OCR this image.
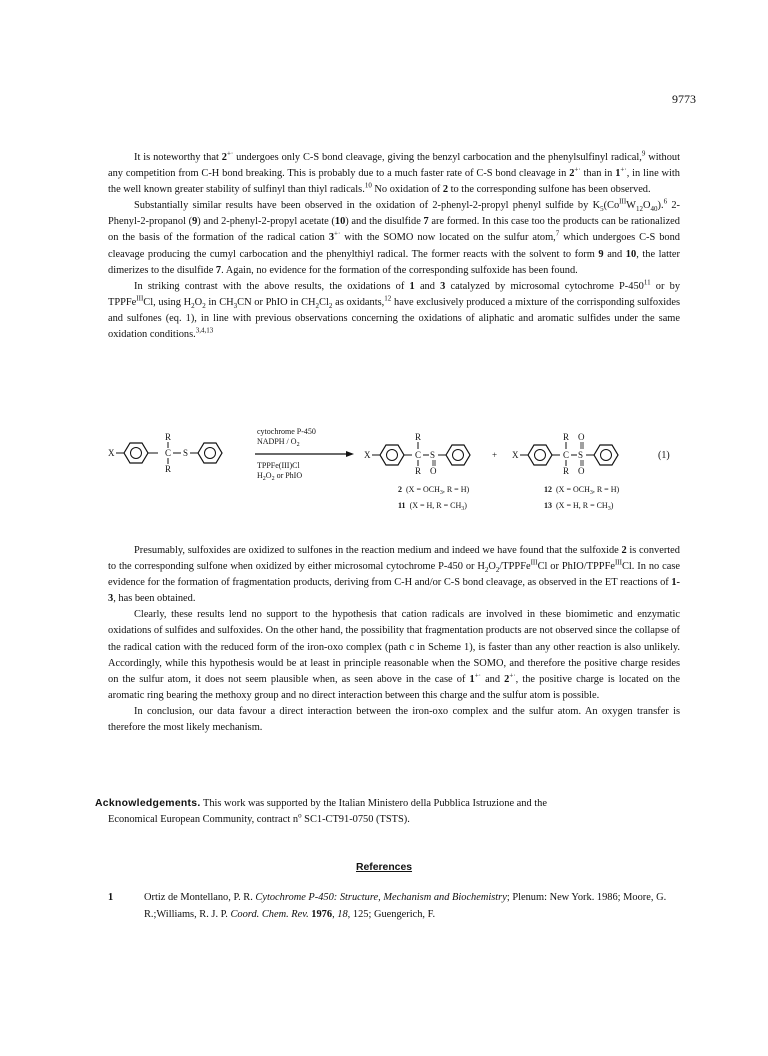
9773

It is noteworthy that 2+· undergoes only C-S bond cleavage, giving the benzyl carbocation and the phenylsulfinyl radical,$^9$ without any competition from C-H bond breaking. This is probably due to a much faster rate of C-S bond cleavage in 2+· than in 1+·, in line with the well known greater stability of sulfinyl than thiyl radicals.$^{10}$ No oxidation of 2 to the corresponding sulfone has been observed.

Substantially similar results have been observed in the oxidation of 2-phenyl-2-propyl phenyl sulfide by $K_5(Co^{III}W_{12}O_{40}).^6$ 2-Phenyl-2-propanol (9) and 2-phenyl-2-propyl acetate (10) and the disulfide 7 are formed. In this case too the products can be rationalized on the basis of the formation of the radical cation 3+· with the SOMO now located on the sulfur atom,$^7$ which undergoes C-S bond cleavage producing the cumyl carbocation and the phenylthiyl radical. The former reacts with the solvent to form 9 and 10, the latter dimerizes to the disulfide 7. Again, no evidence for the formation of the corresponding sulfoxide has been found.

In striking contrast with the above results, the oxidations of 1 and 3 catalyzed by microsomal cytochrome $P-450^{11}$ or by TPPFe$^{III}$Cl, using $H_2O_2$ in $CH_3CN$ or PhIO in $CH_2Cl_2$ as oxidants,$^{12}$ have exclusively produced a mixture of the corrisponding sulfoxides and sulfones (eq. 1), in line with previous observations concerning the oxidations of aliphatic and aromatic sulfides under the same oxidation conditions.$^{3,4,13}$

X
R
C
R
S
cytochrome P-450
NADPH / $O_2$
TPPFe(III)Cl
$H_2O_2$ or PhIO
X
R
C
R
S
O
+ X
R
C
R
O
S
O
(1)
2 ($X = OCH_3$, R = H)
11 (X = H, $R = CH_3$)
12 ($X = OCH_3$, R = H)
13 (X = H, $R = CH_3$)

Presumably, sulfoxides are oxidized to sulfones in the reaction medium and indeed we have found that the sulfoxide 2 is converted to the corresponding sulfone when oxidized by either microsomal cytochrome P-450 or $H_2O_2/TPPFe^{III}Cl$ or PhIO/TPPFe$^{III}$Cl. In no case evidence for the formation of fragmentation products, deriving from C-H and/or C-S bond cleavage, as observed in the ET reactions of 1-3, has been obtained.

Clearly, these results lend no support to the hypothesis that cation radicals are involved in these biomimetic and enzymatic oxidations of sulfides and sulfoxides. On the other hand, the possibility that fragmentation products are not observed since the collapse of the radical cation with the reduced form of the iron-oxo complex (path c in Scheme 1), is faster than any other reaction is also unlikely. Accordingly, while this hypothesis would be at least in principle reasonable when the SOMO, and therefore the positive charge resides on the sulfur atom, it does not seem plausible when, as seen above in the case of 1+· and 2+·, the positive charge is located on the aromatic ring bearing the methoxy group and no direct interaction between this charge and the sulfur atom is possible.

In conclusion, our data favour a direct interaction between the iron-oxo complex and the sulfur atom. An oxygen transfer is therefore the most likely mechanism.

Acknowledgements. This work was supported by the Italian Ministero della Pubblica Istruzione and the
Economical European Community, contract $n^o$ SC1-CT91-0750 (TSTS).
References
1	Ortiz de Montellano, P. R. Cytochrome P-450: Structure, Mechanism and Biochemistry; Plenum: New York. 1986; Moore, G. R.;Williams, R. J. P. Coord. Chem. Rev. 1976, 18, 125; Guengerich, F.
